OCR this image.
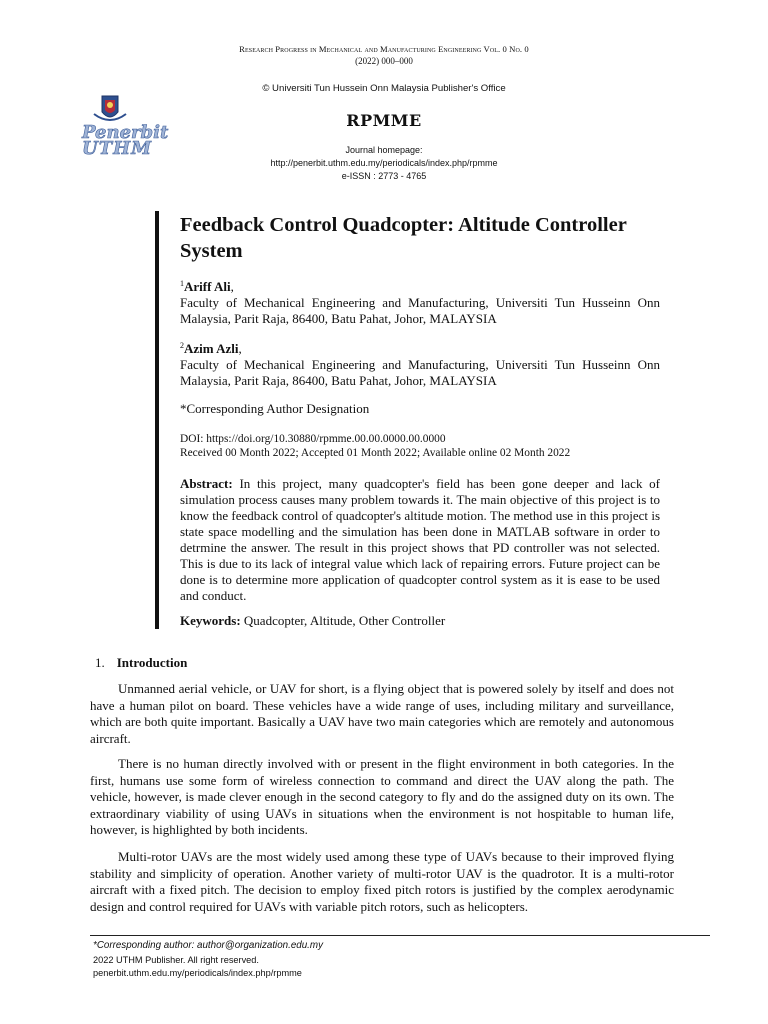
Research Progress in Mechanical and Manufacturing Engineering Vol. 0 No. 0
(2022) 000–000
© Universiti Tun Hussein Onn Malaysia Publisher's Office
Penerbit
UTHM
RPMME
Journal homepage:
http://penerbit.uthm.edu.my/periodicals/index.php/rpmme
e-ISSN : 2773 - 4765
Feedback Control Quadcopter: Altitude Controller System
$^1$Ariff Ali,
Faculty of Mechanical Engineering and Manufacturing, Universiti Tun Husseinn Onn Malaysia, Parit Raja, 86400, Batu Pahat, Johor, MALAYSIA
$^2$Azim Azli,
Faculty of Mechanical Engineering and Manufacturing, Universiti Tun Husseinn Onn Malaysia, Parit Raja, 86400, Batu Pahat, Johor, MALAYSIA
*Corresponding Author Designation
DOI: https://doi.org/10.30880/rpmme.00.00.0000.00.0000
Received 00 Month 2022; Accepted 01 Month 2022; Available online 02 Month 2022
Abstract: In this project, many quadcopter's field has been gone deeper and lack of simulation process causes many problem towards it. The main objective of this project is to know the feedback control of quadcopter's altitude motion. The method use in this project is state space modelling and the simulation has been done in MATLAB software in order to detrmine the answer. The result in this project shows that PD controller was not selected. This is due to its lack of integral value which lack of repairing errors. Future project can be done is to determine more application of quadcopter control system as it is ease to be used and conduct.
Keywords: Quadcopter, Altitude, Other Controller
1. Introduction
Unmanned aerial vehicle, or UAV for short, is a flying object that is powered solely by itself and does not have a human pilot on board. These vehicles have a wide range of uses, including military and surveillance, which are both quite important. Basically a UAV have two main categories which are remotely and autonomous aircraft.
There is no human directly involved with or present in the flight environment in both categories. In the first, humans use some form of wireless connection to command and direct the UAV along the path. The vehicle, however, is made clever enough in the second category to fly and do the assigned duty on its own. The extraordinary viability of using UAVs in situations when the environment is not hospitable to human life, however, is highlighted by both incidents.
Multi-rotor UAVs are the most widely used among these type of UAVs because to their improved flying stability and simplicity of operation. Another variety of multi-rotor UAV is the quadrotor. It is a multi-rotor aircraft with a fixed pitch. The decision to employ fixed pitch rotors is justified by the complex aerodynamic design and control required for UAVs with variable pitch rotors, such as helicopters.
*Corresponding author: author@organization.edu.my
2022 UTHM Publisher. All right reserved.
penerbit.uthm.edu.my/periodicals/index.php/rpmme
